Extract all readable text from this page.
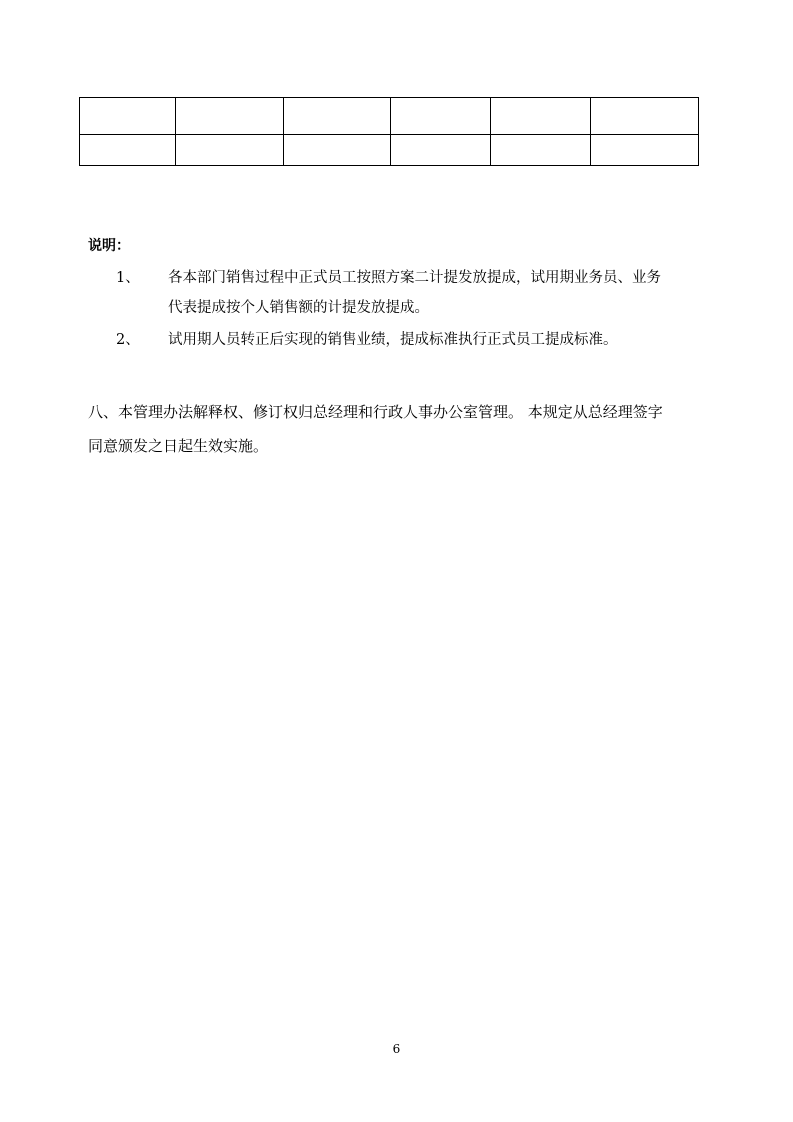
说明：
1、 各本部门销售过程中正式员工按照方案二计提发放提成，试用期业务员、业务
代表提成按个人销售额的计提发放提成。
2、 试用期人员转正后实现的销售业绩，提成标准执行正式员工提成标准。
八、本管理办法解释权、修订权归总经理和行政人事办公室管理。 本规定从总经理签字
同意颁发之日起生效实施。
6
